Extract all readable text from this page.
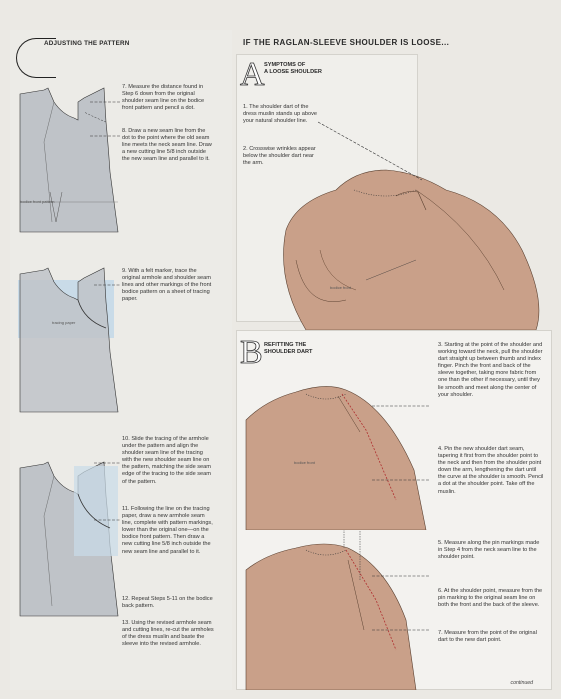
ADJUSTING THE PATTERN
bodice front pattern
7. Measure the distance found in Step 6 down from the original shoulder seam line on the bodice front pattern and pencil a dot.
8. Draw a new seam line from the dot to the point where the old seam line meets the neck seam line. Draw a new cutting line 5/8 inch outside the new seam line and parallel to it.
tracing paper
9. With a felt marker, trace the original armhole and shoulder seam lines and other markings of the front bodice pattern on a sheet of tracing paper.
10. Slide the tracing of the armhole under the pattern and align the shoulder seam line of the tracing with the new shoulder seam line on the pattern, matching the side seam edge of the tracing to the side seam of the pattern.
11. Following the line on the tracing paper, draw a new armhole seam line, complete with pattern markings, lower than the original one—on the bodice front pattern. Then draw a new cutting line 5/8 inch outside the new seam line and parallel to it.
12. Repeat Steps 5-11 on the bodice back pattern.
13. Using the revised armhole seam and cutting lines, re-cut the armholes of the dress muslin and baste the sleeve into the revised armhole.
IF THE RAGLAN-SLEEVE SHOULDER IS LOOSE...
A SYMPTOMS OF
A LOOSE SHOULDER
1. The shoulder dart of the dress muslin stands up above your natural shoulder line.
2. Crosswise wrinkles appear below the shoulder dart near the arm.
bodice front
B REFITTING THE
SHOULDER DART
bodice front
3. Starting at the point of the shoulder and working toward the neck, pull the shoulder dart straight up between thumb and index finger. Pinch the front and back of the sleeve together, taking more fabric from one than the other if necessary, until they lie smooth and meet along the center of your shoulder.
4. Pin the new shoulder dart seam, tapering it first from the shoulder point to the neck and then from the shoulder point down the arm, lengthening the dart until the curve at the shoulder is smooth. Pencil a dot at the shoulder point. Take off the muslin.
5. Measure along the pin markings made in Step 4 from the neck seam line to the shoulder point.
6. At the shoulder point, measure from the pin marking to the original seam line on both the front and the back of the sleeve.
7. Measure from the point of the original dart to the new dart point.
continued
